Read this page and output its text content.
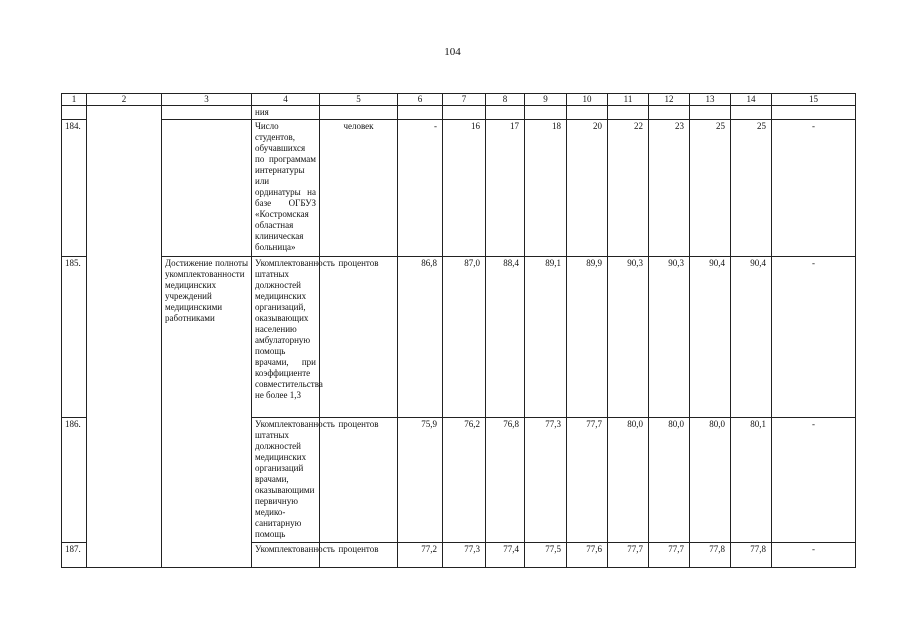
104
1	2	3	4	5	6	7	8	9	10	11	12	13	14	15
			ния											
184.			Число студентов, обучавшихся по программам интернатуры или ординатуры на базе ОГБУЗ «Костромская областная клиническая больница»	человек	-	16	17	18	20	22	23	25	25	-
185.		Достижение полноты укомплектованности медицинских учреждений медицинскими работниками	Укомплектованность штатных должностей медицинских организаций, оказывающих населению амбулаторную помощь врачами, при коэффициенте совместительства не более 1,3	процентов	86,8	87,0	88,4	89,1	89,9	90,3	90,3	90,4	90,4	-
186.			Укомплектованность штатных должностей медицинских организаций врачами, оказывающими первичную медико-санитарную помощь	процентов	75,9	76,2	76,8	77,3	77,7	80,0	80,0	80,0	80,1	-
187.			Укомплектованность	процентов	77,2	77,3	77,4	77,5	77,6	77,7	77,7	77,8	77,8	-
